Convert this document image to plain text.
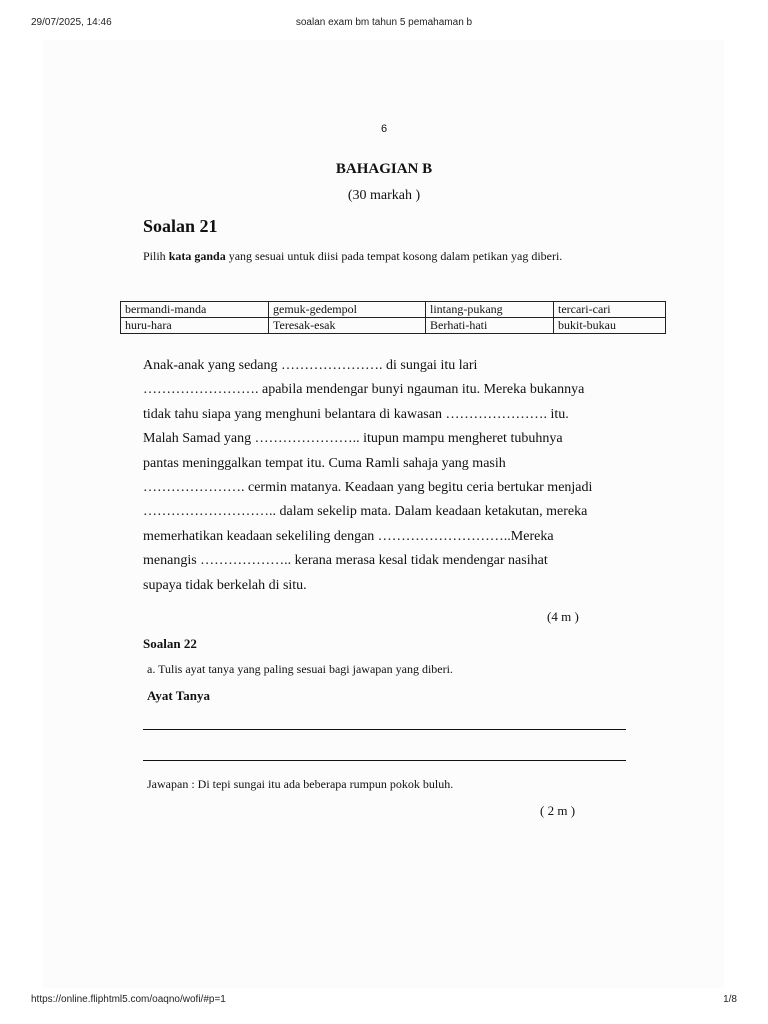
29/07/2025, 14:46	soalan exam bm tahun 5 pemahaman b
6
BAHAGIAN B
(30 markah )
Soalan 21
Pilih kata ganda yang sesuai untuk diisi pada tempat kosong dalam petikan yag diberi.
bermandi-manda	gemuk-gedempol	lintang-pukang	tercari-cari
huru-hara	Teresak-esak	Berhati-hati	bukit-bukau
Anak-anak yang sedang …………………. di sungai itu lari
……………………. apabila mendengar bunyi ngauman itu. Mereka bukannya
tidak tahu siapa yang menghuni belantara di kawasan …………………. itu.
Malah Samad yang ………………….. itupun mampu mengheret tubuhnya
pantas meninggalkan tempat itu. Cuma Ramli sahaja yang masih
…………………. cermin matanya. Keadaan yang begitu ceria bertukar menjadi
……………………….. dalam sekelip mata. Dalam keadaan ketakutan, mereka
memerhatikan keadaan sekeliling dengan ………………………..Mereka
menangis ……………….. kerana merasa kesal tidak mendengar nasihat
supaya tidak berkelah di situ.
(4 m )
Soalan 22
a. Tulis ayat tanya yang paling sesuai bagi jawapan yang diberi.
Ayat Tanya
Jawapan : Di tepi sungai itu ada beberapa rumpun pokok buluh.
( 2 m )
https://online.fliphtml5.com/oaqno/wofi/#p=1	1/8
